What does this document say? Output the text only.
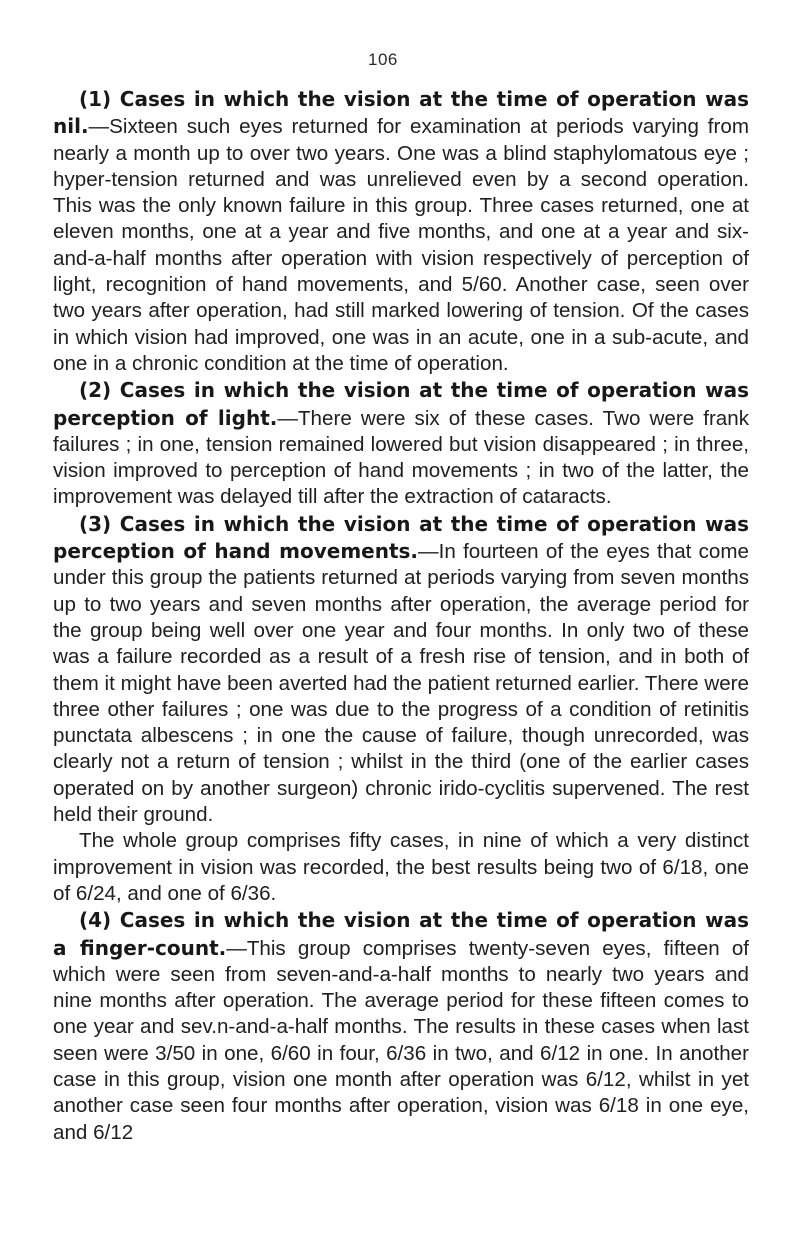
106

(1) Cases in which the vision at the time of operation was nil.—Sixteen such eyes returned for examination at periods varying from nearly a month up to over two years. One was a blind staphylomatous eye ; hyper-tension returned and was unrelieved even by a second operation. This was the only known failure in this group. Three cases returned, one at eleven months, one at a year and five months, and one at a year and six-and-a-half months after operation with vision respectively of perception of light, recognition of hand movements, and 5/60. Another case, seen over two years after operation, had still marked lowering of tension. Of the cases in which vision had improved, one was in an acute, one in a sub-acute, and one in a chronic condition at the time of operation.

(2) Cases in which the vision at the time of operation was perception of light.—There were six of these cases. Two were frank failures ; in one, tension remained lowered but vision disappeared ; in three, vision improved to perception of hand movements ; in two of the latter, the improvement was delayed till after the extraction of cataracts.

(3) Cases in which the vision at the time of operation was perception of hand movements.—In fourteen of the eyes that come under this group the patients returned at periods varying from seven months up to two years and seven months after operation, the average period for the group being well over one year and four months. In only two of these was a failure recorded as a result of a fresh rise of tension, and in both of them it might have been averted had the patient returned earlier. There were three other failures ; one was due to the progress of a condition of retinitis punctata albescens ; in one the cause of failure, though unrecorded, was clearly not a return of tension ; whilst in the third (one of the earlier cases operated on by another surgeon) chronic irido-cyclitis supervened. The rest held their ground.

The whole group comprises fifty cases, in nine of which a very distinct improvement in vision was recorded, the best results being two of 6/18, one of 6/24, and one of 6/36.

(4) Cases in which the vision at the time of operation was a finger-count.—This group comprises twenty-seven eyes, fifteen of which were seen from seven-and-a-half months to nearly two years and nine months after operation. The average period for these fifteen comes to one year and sev.n-and-a-half months. The results in these cases when last seen were 3/50 in one, 6/60 in four, 6/36 in two, and 6/12 in one. In another case in this group, vision one month after operation was 6/12, whilst in yet another case seen four months after operation, vision was 6/18 in one eye, and 6/12
